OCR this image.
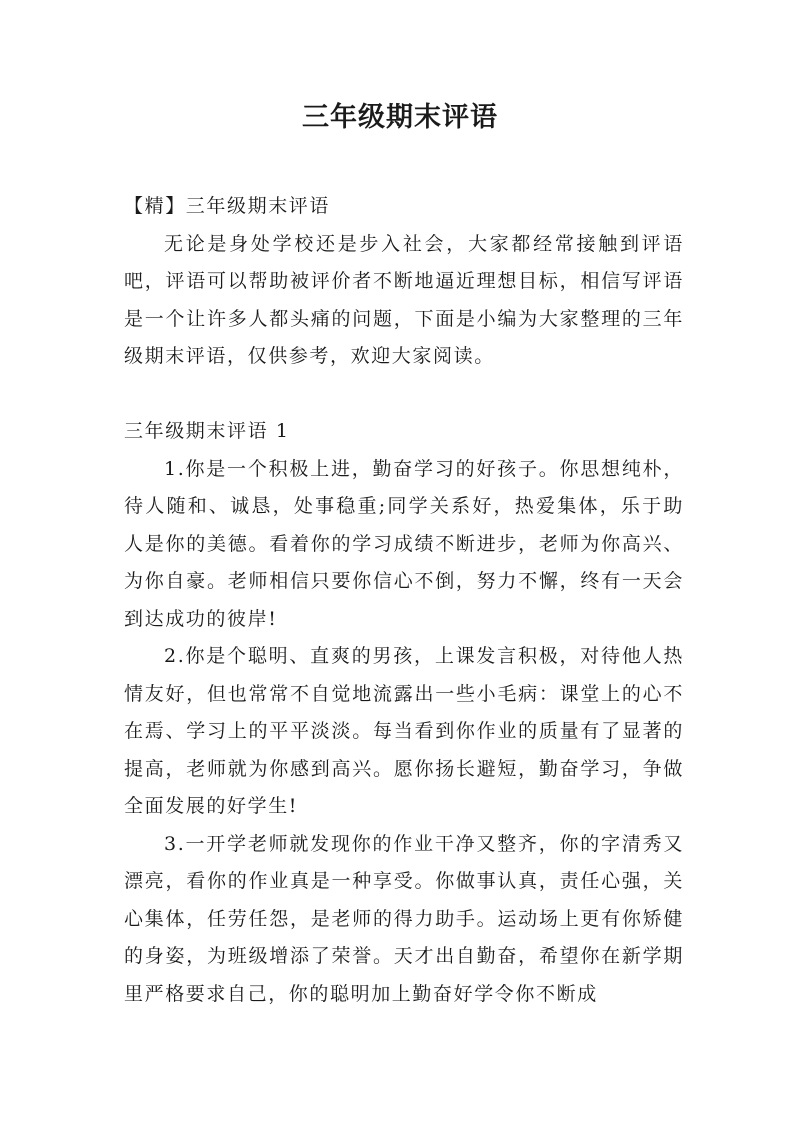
三年级期末评语

【精】三年级期末评语

无论是身处学校还是步入社会，大家都经常接触到评语吧，评语可以帮助被评价者不断地逼近理想目标，相信写评语是一个让许多人都头痛的问题，下面是小编为大家整理的三年级期末评语，仅供参考，欢迎大家阅读。

三年级期末评语 1

1.你是一个积极上进，勤奋学习的好孩子。你思想纯朴，待人随和、诚恳，处事稳重;同学关系好，热爱集体，乐于助人是你的美德。看着你的学习成绩不断进步，老师为你高兴、为你自豪。老师相信只要你信心不倒，努力不懈，终有一天会到达成功的彼岸!

2.你是个聪明、直爽的男孩，上课发言积极，对待他人热情友好，但也常常不自觉地流露出一些小毛病：课堂上的心不在焉、学习上的平平淡淡。每当看到你作业的质量有了显著的提高，老师就为你感到高兴。愿你扬长避短，勤奋学习，争做全面发展的好学生!

3.一开学老师就发现你的作业干净又整齐，你的字清秀又漂亮，看你的作业真是一种享受。你做事认真，责任心强，关心集体，任劳任怨，是老师的得力助手。运动场上更有你矫健的身姿，为班级增添了荣誉。天才出自勤奋，希望你在新学期里严格要求自己，你的聪明加上勤奋好学令你不断成
